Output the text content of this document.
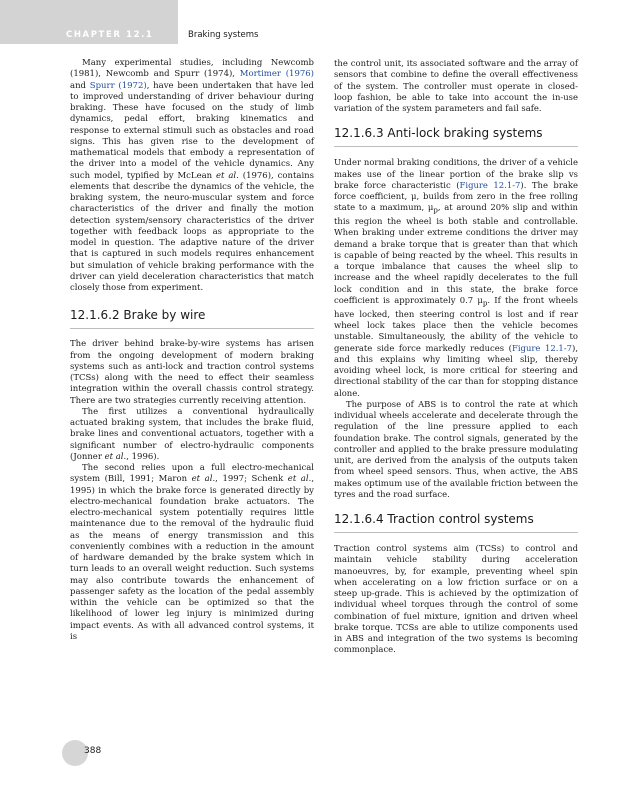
CHAPTER 12.1	Braking systems

Many experimental studies, including Newcomb (1981), Newcomb and Spurr (1974), Mortimer (1976) and Spurr (1972), have been undertaken that have led to improved understanding of driver behaviour during braking. These have focused on the study of limb dynamics, pedal effort, braking kinematics and response to external stimuli such as obstacles and road signs. This has given rise to the development of mathematical models that embody a representation of the driver into a model of the vehicle dynamics. Any such model, typified by McLean et al. (1976), contains elements that describe the dynamics of the vehicle, the braking system, the neuro-muscular system and force characteristics of the driver and finally the motion detection system/sensory characteristics of the driver together with feedback loops as appropriate to the model in question. The adaptive nature of the driver that is captured in such models requires enhancement but simulation of vehicle braking performance with the driver can yield deceleration characteristics that match closely those from experiment.

12.1.6.2 Brake by wire

The driver behind brake-by-wire systems has arisen from the ongoing development of modern braking systems such as anti-lock and traction control systems (TCSs) along with the need to effect their seamless integration within the overall chassis control strategy. There are two strategies currently receiving attention.

The first utilizes a conventional hydraulically actuated braking system, that includes the brake fluid, brake lines and conventional actuators, together with a significant number of electro-hydraulic components (Jonner et al., 1996).

The second relies upon a full electro-mechanical system (Bill, 1991; Maron et al., 1997; Schenk et al., 1995) in which the brake force is generated directly by electro-mechanical foundation brake actuators. The electro-mechanical system potentially requires little maintenance due to the removal of the hydraulic fluid as the means of energy transmission and this conveniently combines with a reduction in the amount of hardware demanded by the brake system which in turn leads to an overall weight reduction. Such systems may also contribute towards the enhancement of passenger safety as the location of the pedal assembly within the vehicle can be optimized so that the likelihood of lower leg injury is minimized during impact events. As with all advanced control systems, it is

the control unit, its associated software and the array of sensors that combine to define the overall effectiveness of the system. The controller must operate in closed-loop fashion, be able to take into account the in-use variation of the system parameters and fail safe.

12.1.6.3 Anti-lock braking systems

Under normal braking conditions, the driver of a vehicle makes use of the linear portion of the brake slip vs brake force characteristic (Figure 12.1-7). The brake force coefficient, μ, builds from zero in the free rolling state to a maximum, $\mu_p$, at around 20% slip and within this region the wheel is both stable and controllable. When braking under extreme conditions the driver may demand a brake torque that is greater than that which is capable of being reacted by the wheel. This results in a torque imbalance that causes the wheel slip to increase and the wheel rapidly decelerates to the full lock condition and in this state, the brake force coefficient is approximately 0.7 $\mu_p$. If the front wheels have locked, then steering control is lost and if rear wheel lock takes place then the vehicle becomes unstable. Simultaneously, the ability of the vehicle to generate side force markedly reduces (Figure 12.1-7), and this explains why limiting wheel slip, thereby avoiding wheel lock, is more critical for steering and directional stability of the car than for stopping distance alone.

The purpose of ABS is to control the rate at which individual wheels accelerate and decelerate through the regulation of the line pressure applied to each foundation brake. The control signals, generated by the controller and applied to the brake pressure modulating unit, are derived from the analysis of the outputs taken from wheel speed sensors. Thus, when active, the ABS makes optimum use of the available friction between the tyres and the road surface.

12.1.6.4 Traction control systems

Traction control systems aim (TCSs) to control and maintain vehicle stability during acceleration manoeuvres, by, for example, preventing wheel spin when accelerating on a low friction surface or on a steep up-grade. This is achieved by the optimization of individual wheel torques through the control of some combination of fuel mixture, ignition and driven wheel brake torque. TCSs are able to utilize components used in ABS and integration of the two systems is becoming commonplace.

388
